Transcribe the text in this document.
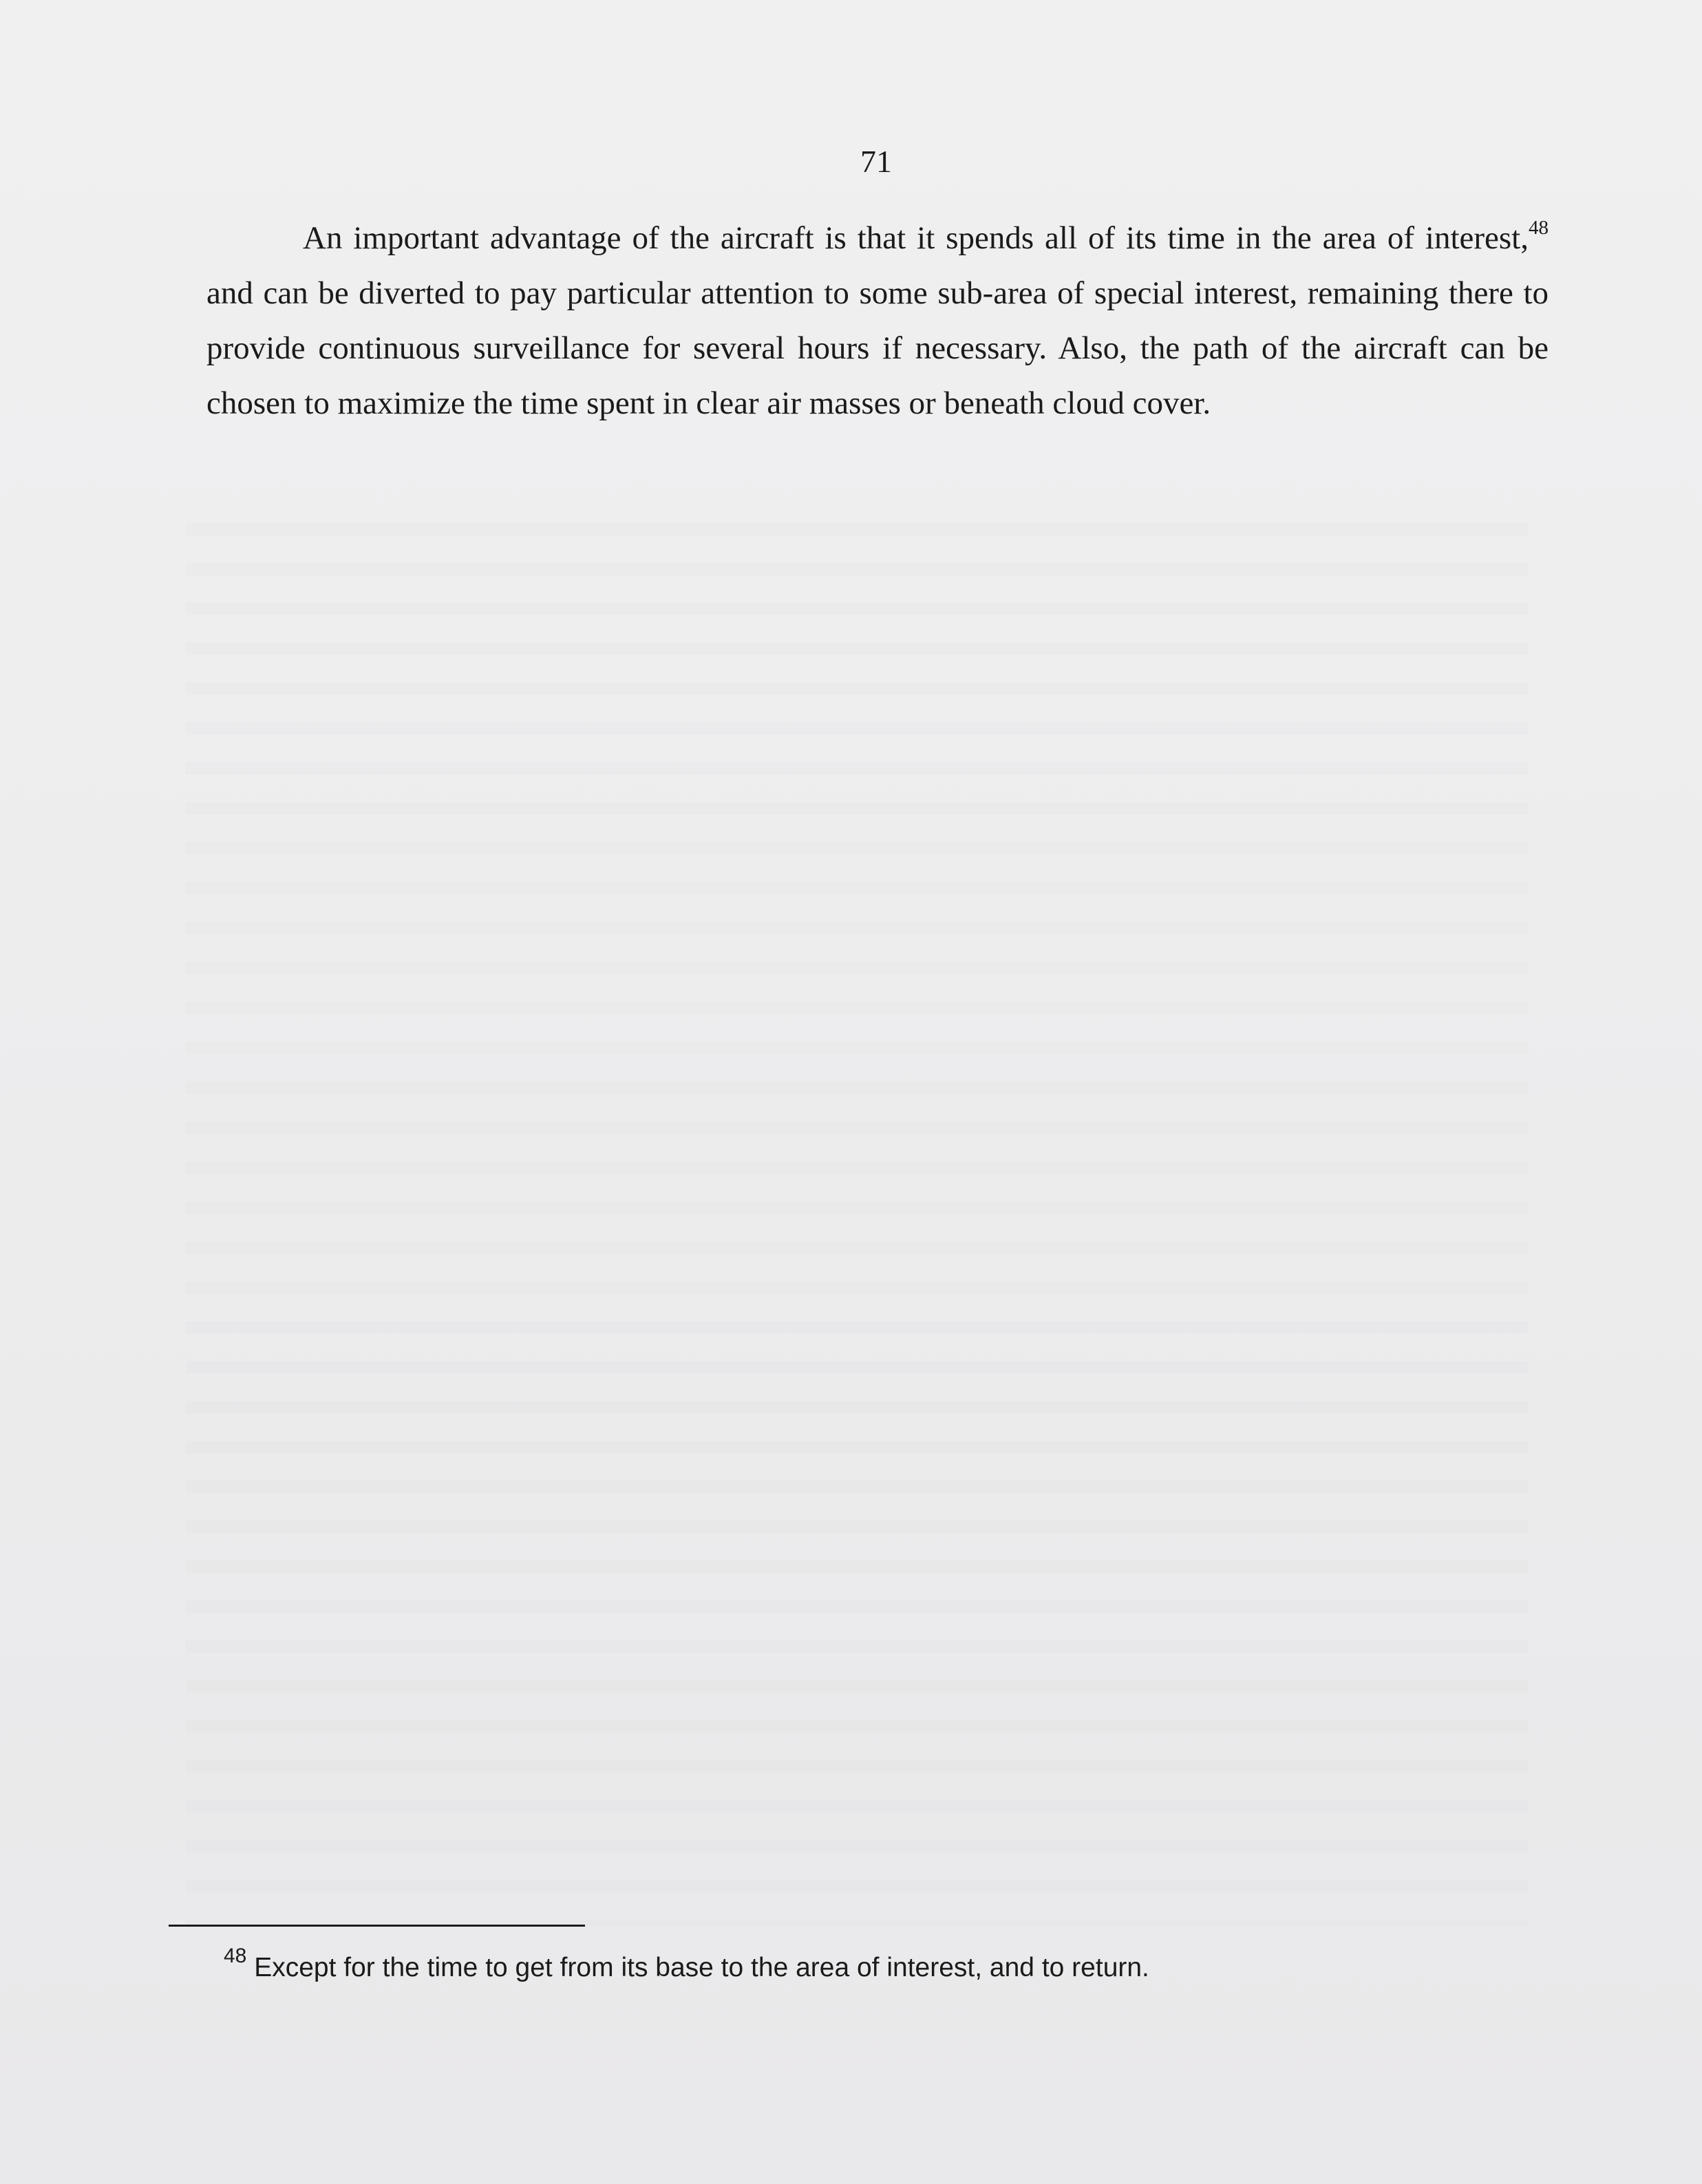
71

An important advantage of the aircraft is that it spends all of its time in the area of interest,$^{48}$ and can be diverted to pay particular attention to some sub-area of special interest, remaining there to provide continuous surveillance for several hours if necessary. Also, the path of the aircraft can be chosen to maximize the time spent in clear air masses or beneath cloud cover.

$^{48}$ Except for the time to get from its base to the area of interest, and to return.
